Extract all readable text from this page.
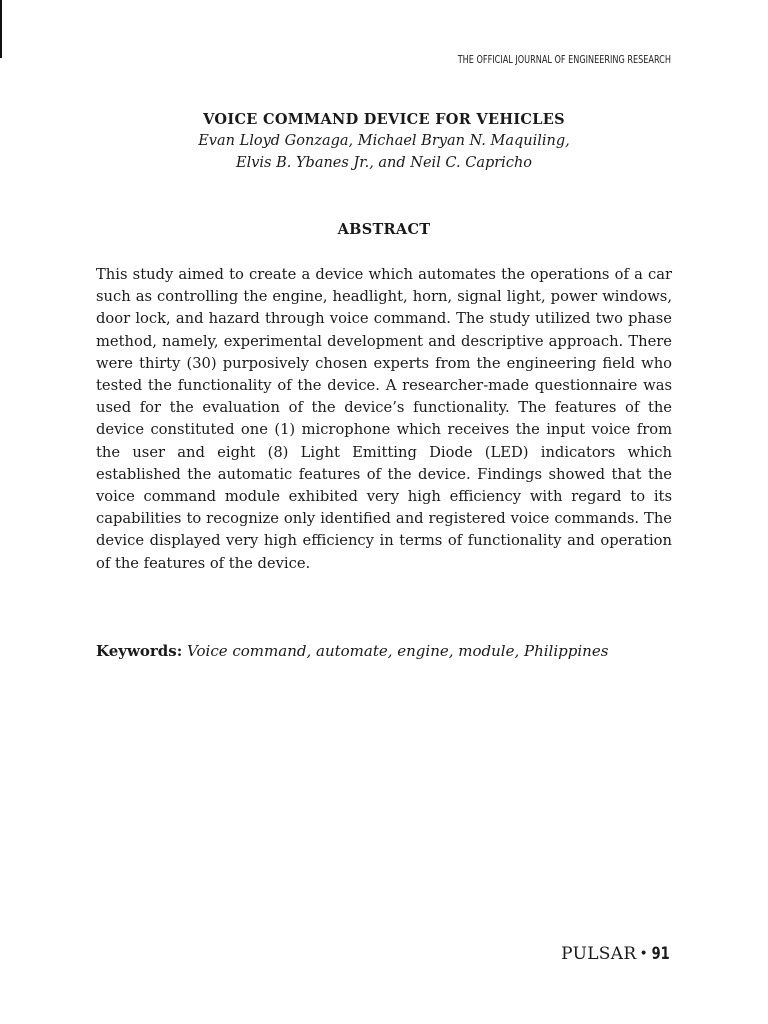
THE OFFICIAL JOURNAL OF ENGINEERING RESEARCH

VOICE COMMAND DEVICE FOR VEHICLES

Evan Lloyd Gonzaga, Michael Bryan N. Maquiling,

Elvis B. Ybanes Jr., and Neil C. Capricho

ABSTRACT

This study aimed to create a device which automates the operations of a car such as controlling the engine, headlight, horn, signal light, power windows, door lock, and hazard through voice command. The study utilized two phase method, namely, experimental development and descriptive approach. There were thirty (30) purposively chosen experts from the engineering field who tested the functionality of the device. A researcher-made questionnaire was used for the evaluation of the device’s functionality. The features of the device constituted one (1) microphone which receives the input voice from the user and eight (8) Light Emitting Diode (LED) indicators which established the automatic features of the device. Findings showed that the voice command module exhibited very high efficiency with regard to its capabilities to recognize only identified and registered voice commands. The device displayed very high efficiency in terms of functionality and operation of the features of the device.

Keywords: Voice command, automate, engine, module, Philippines
PULSAR • 91
